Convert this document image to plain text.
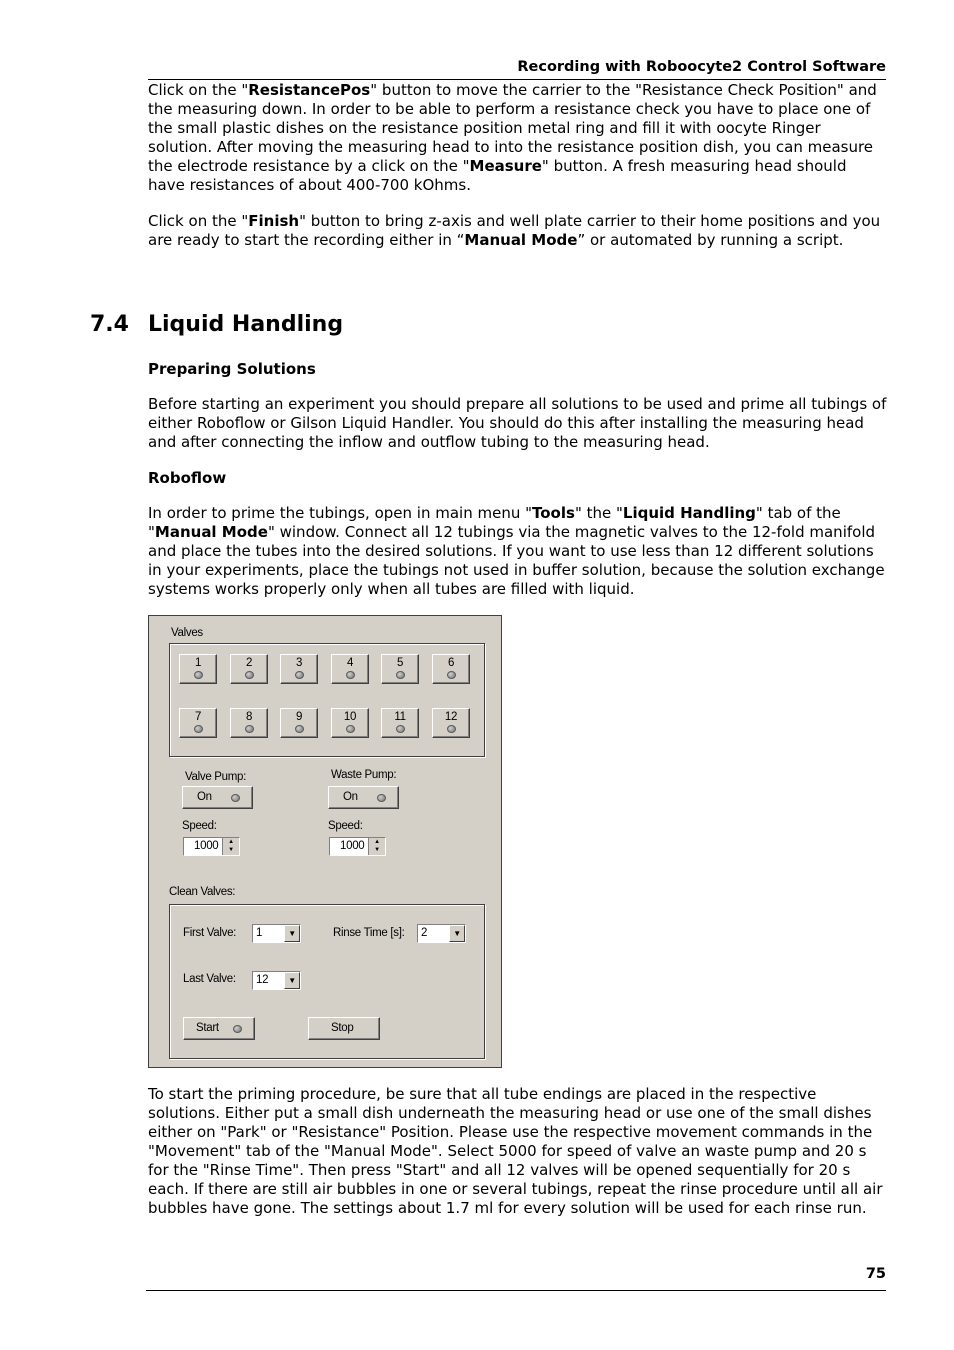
Recording with Roboocyte2 Control Software

Click on the "ResistancePos" button to move the carrier to the "Resistance Check Position" and the measuring down. In order to be able to perform a resistance check you have to place one of the small plastic dishes on the resistance position metal ring and fill it with oocyte Ringer solution. After moving the measuring head to into the resistance position dish, you can measure the electrode resistance by a click on the "Measure" button. A fresh measuring head should have resistances of about 400-700 kOhms.

Click on the "Finish" button to bring z-axis and well plate carrier to their home positions and you are ready to start the recording either in “Manual Mode” or automated by running a script.

7.4 Liquid Handling
Preparing Solutions

Before starting an experiment you should prepare all solutions to be used and prime all tubings of either Roboflow or Gilson Liquid Handler. You should do this after installing the measuring head and after connecting the inflow and outflow tubing to the measuring head.

Roboflow

In order to prime the tubings, open in main menu "Tools" the "Liquid Handling" tab of the "Manual Mode" window. Connect all 12 tubings via the magnetic valves to the 12-fold manifold and place the tubes into the desired solutions. If you want to use less than 12 different solutions in your experiments, place the tubings not used in buffer solution, because the solution exchange systems works properly only when all tubes are filled with liquid.

Valves
1	2	3	4	5	6
7	8	9	10	11	12
Valve Pump:
On
Speed:
1000	▲
▼
Waste Pump:
On
Speed:
1000	▲
▼
Clean Valves:
First Valve: 1	▼	Rinse Time [s]: 2	▼
Last Valve: 12	▼
Start	Stop

To start the priming procedure, be sure that all tube endings are placed in the respective solutions. Either put a small dish underneath the measuring head or use one of the small dishes either on "Park" or "Resistance" Position. Please use the respective movement commands in the "Movement" tab of the "Manual Mode". Select 5000 for speed of valve an waste pump and 20 s for the "Rinse Time". Then press "Start" and all 12 valves will be opened sequentially for 20 s each. If there are still air bubbles in one or several tubings, repeat the rinse procedure until all air bubbles have gone. The settings about 1.7 ml for every solution will be used for each rinse run.

75
